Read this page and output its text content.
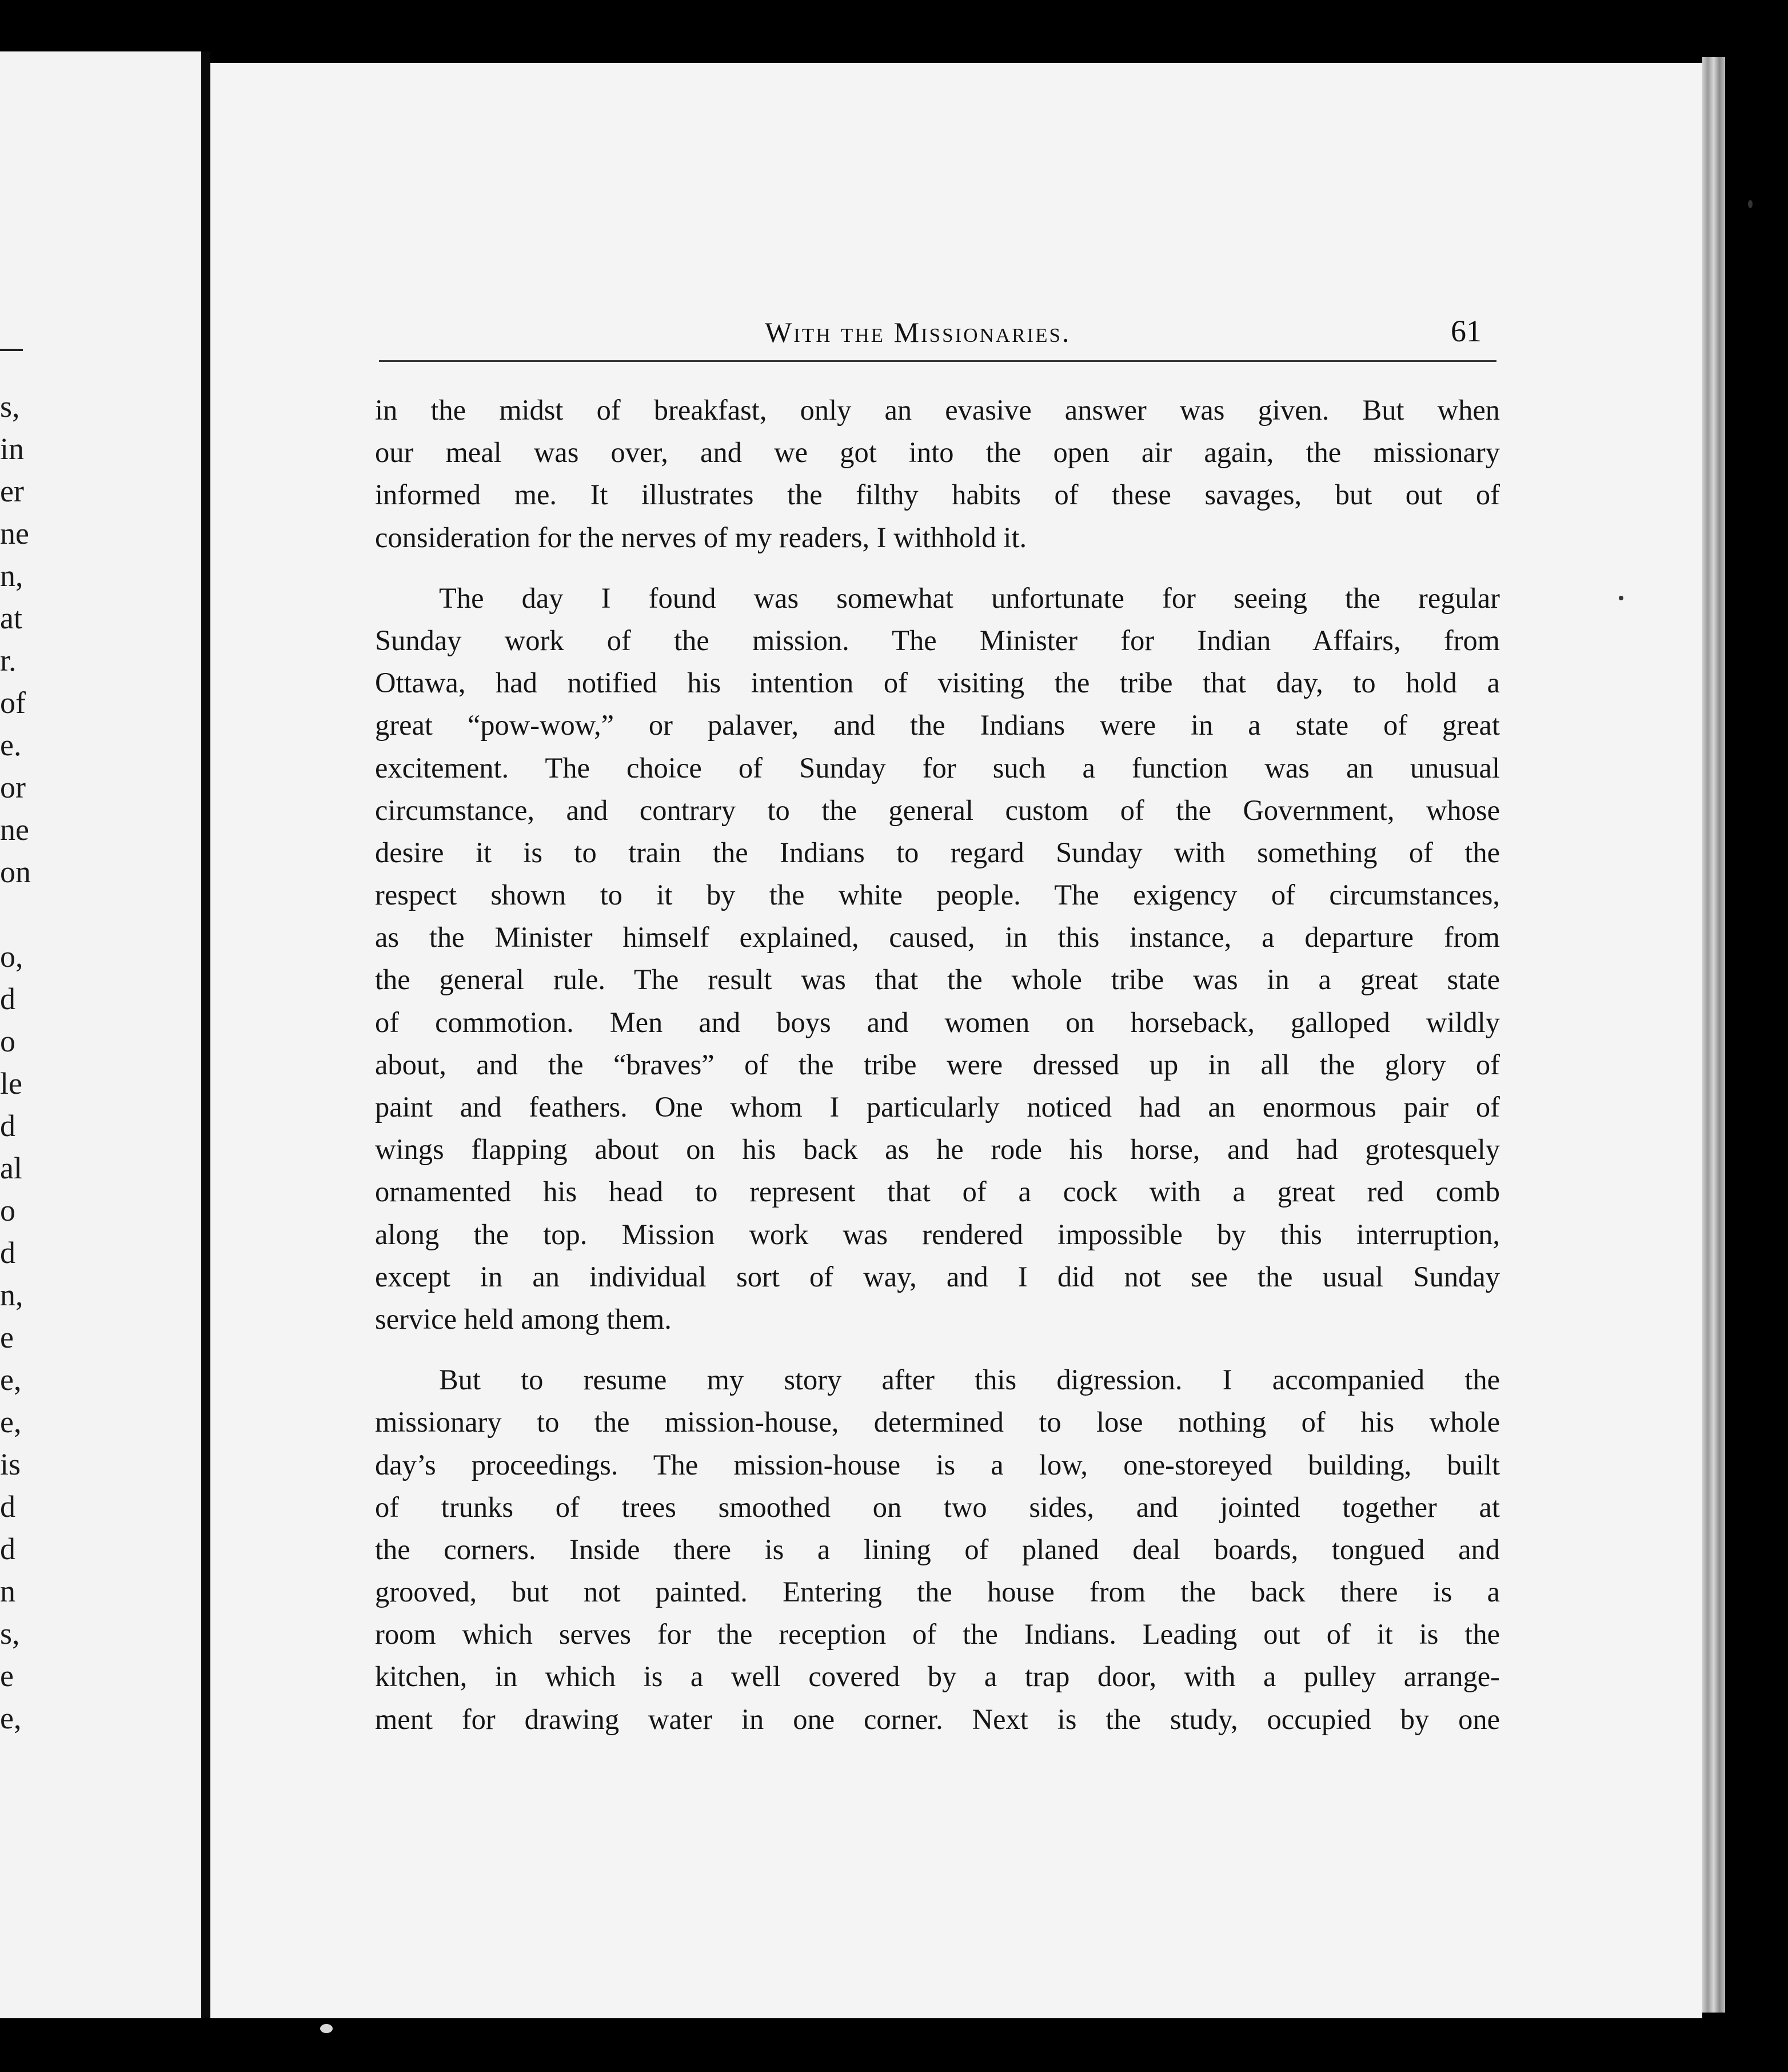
s,
in
er
ne
n,
at
r.
of
e.
or
ne
on
o,
d
o
le
d
al
o
d
n,
e
e,
e,
is
d
d
n
s,
e
e,
With the Missionaries.	61
in the midst of breakfast, only an evasive answer was given. But when
our meal was over, and we got into the open air again, the missionary
informed me. It illustrates the filthy habits of these savages, but out of
consideration for the nerves of my readers, I withhold it.
The day I found was somewhat unfortunate for seeing the regular
Sunday work of the mission. The Minister for Indian Affairs, from
Ottawa, had notified his intention of visiting the tribe that day, to hold a
great “pow-wow,” or palaver, and the Indians were in a state of great
excitement. The choice of Sunday for such a function was an unusual
circumstance, and contrary to the general custom of the Government, whose
desire it is to train the Indians to regard Sunday with something of the
respect shown to it by the white people. The exigency of circumstances,
as the Minister himself explained, caused, in this instance, a departure from
the general rule. The result was that the whole tribe was in a great state
of commotion. Men and boys and women on horseback, galloped wildly
about, and the “braves” of the tribe were dressed up in all the glory of
paint and feathers. One whom I particularly noticed had an enormous pair of
wings flapping about on his back as he rode his horse, and had grotesquely
ornamented his head to represent that of a cock with a great red comb
along the top. Mission work was rendered impossible by this interruption,
except in an individual sort of way, and I did not see the usual Sunday
service held among them.
But to resume my story after this digression. I accompanied the
missionary to the mission-house, determined to lose nothing of his whole
day’s proceedings. The mission-house is a low, one-storeyed building, built
of trunks of trees smoothed on two sides, and jointed together at
the corners. Inside there is a lining of planed deal boards, tongued and
grooved, but not painted. Entering the house from the back there is a
room which serves for the reception of the Indians. Leading out of it is the
kitchen, in which is a well covered by a trap door, with a pulley arrange-
ment for drawing water in one corner. Next is the study, occupied by one
